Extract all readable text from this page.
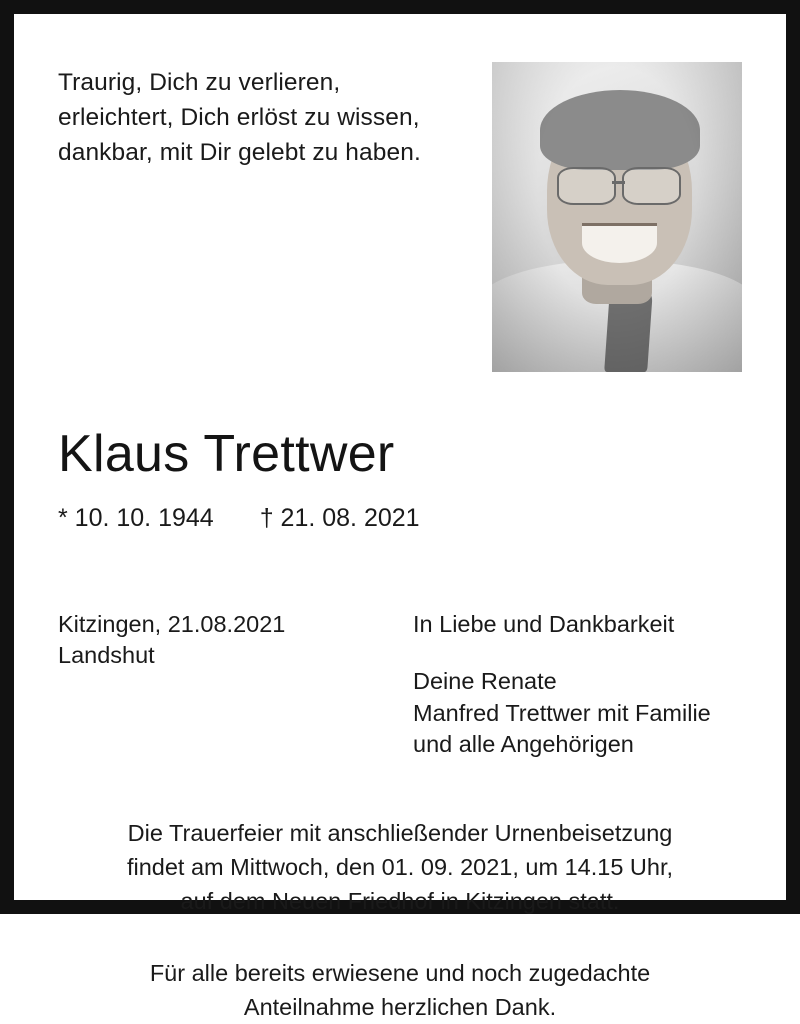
Traurig, Dich zu verlieren,
erleichtert, Dich erlöst zu wissen,
dankbar, mit Dir gelebt zu haben.
Klaus Trettwer
* 10. 10. 1944 † 21. 08. 2021
Kitzingen, 21.08.2021
Landshut
In Liebe und Dankbarkeit
Deine Renate
Manfred Trettwer mit Familie
und alle Angehörigen
Die Trauerfeier mit anschließender Urnenbeisetzung
findet am Mittwoch, den 01. 09. 2021, um 14.15 Uhr,
auf dem Neuen Friedhof in Kitzingen statt.
Für alle bereits erwiesene und noch zugedachte
Anteilnahme herzlichen Dank.
